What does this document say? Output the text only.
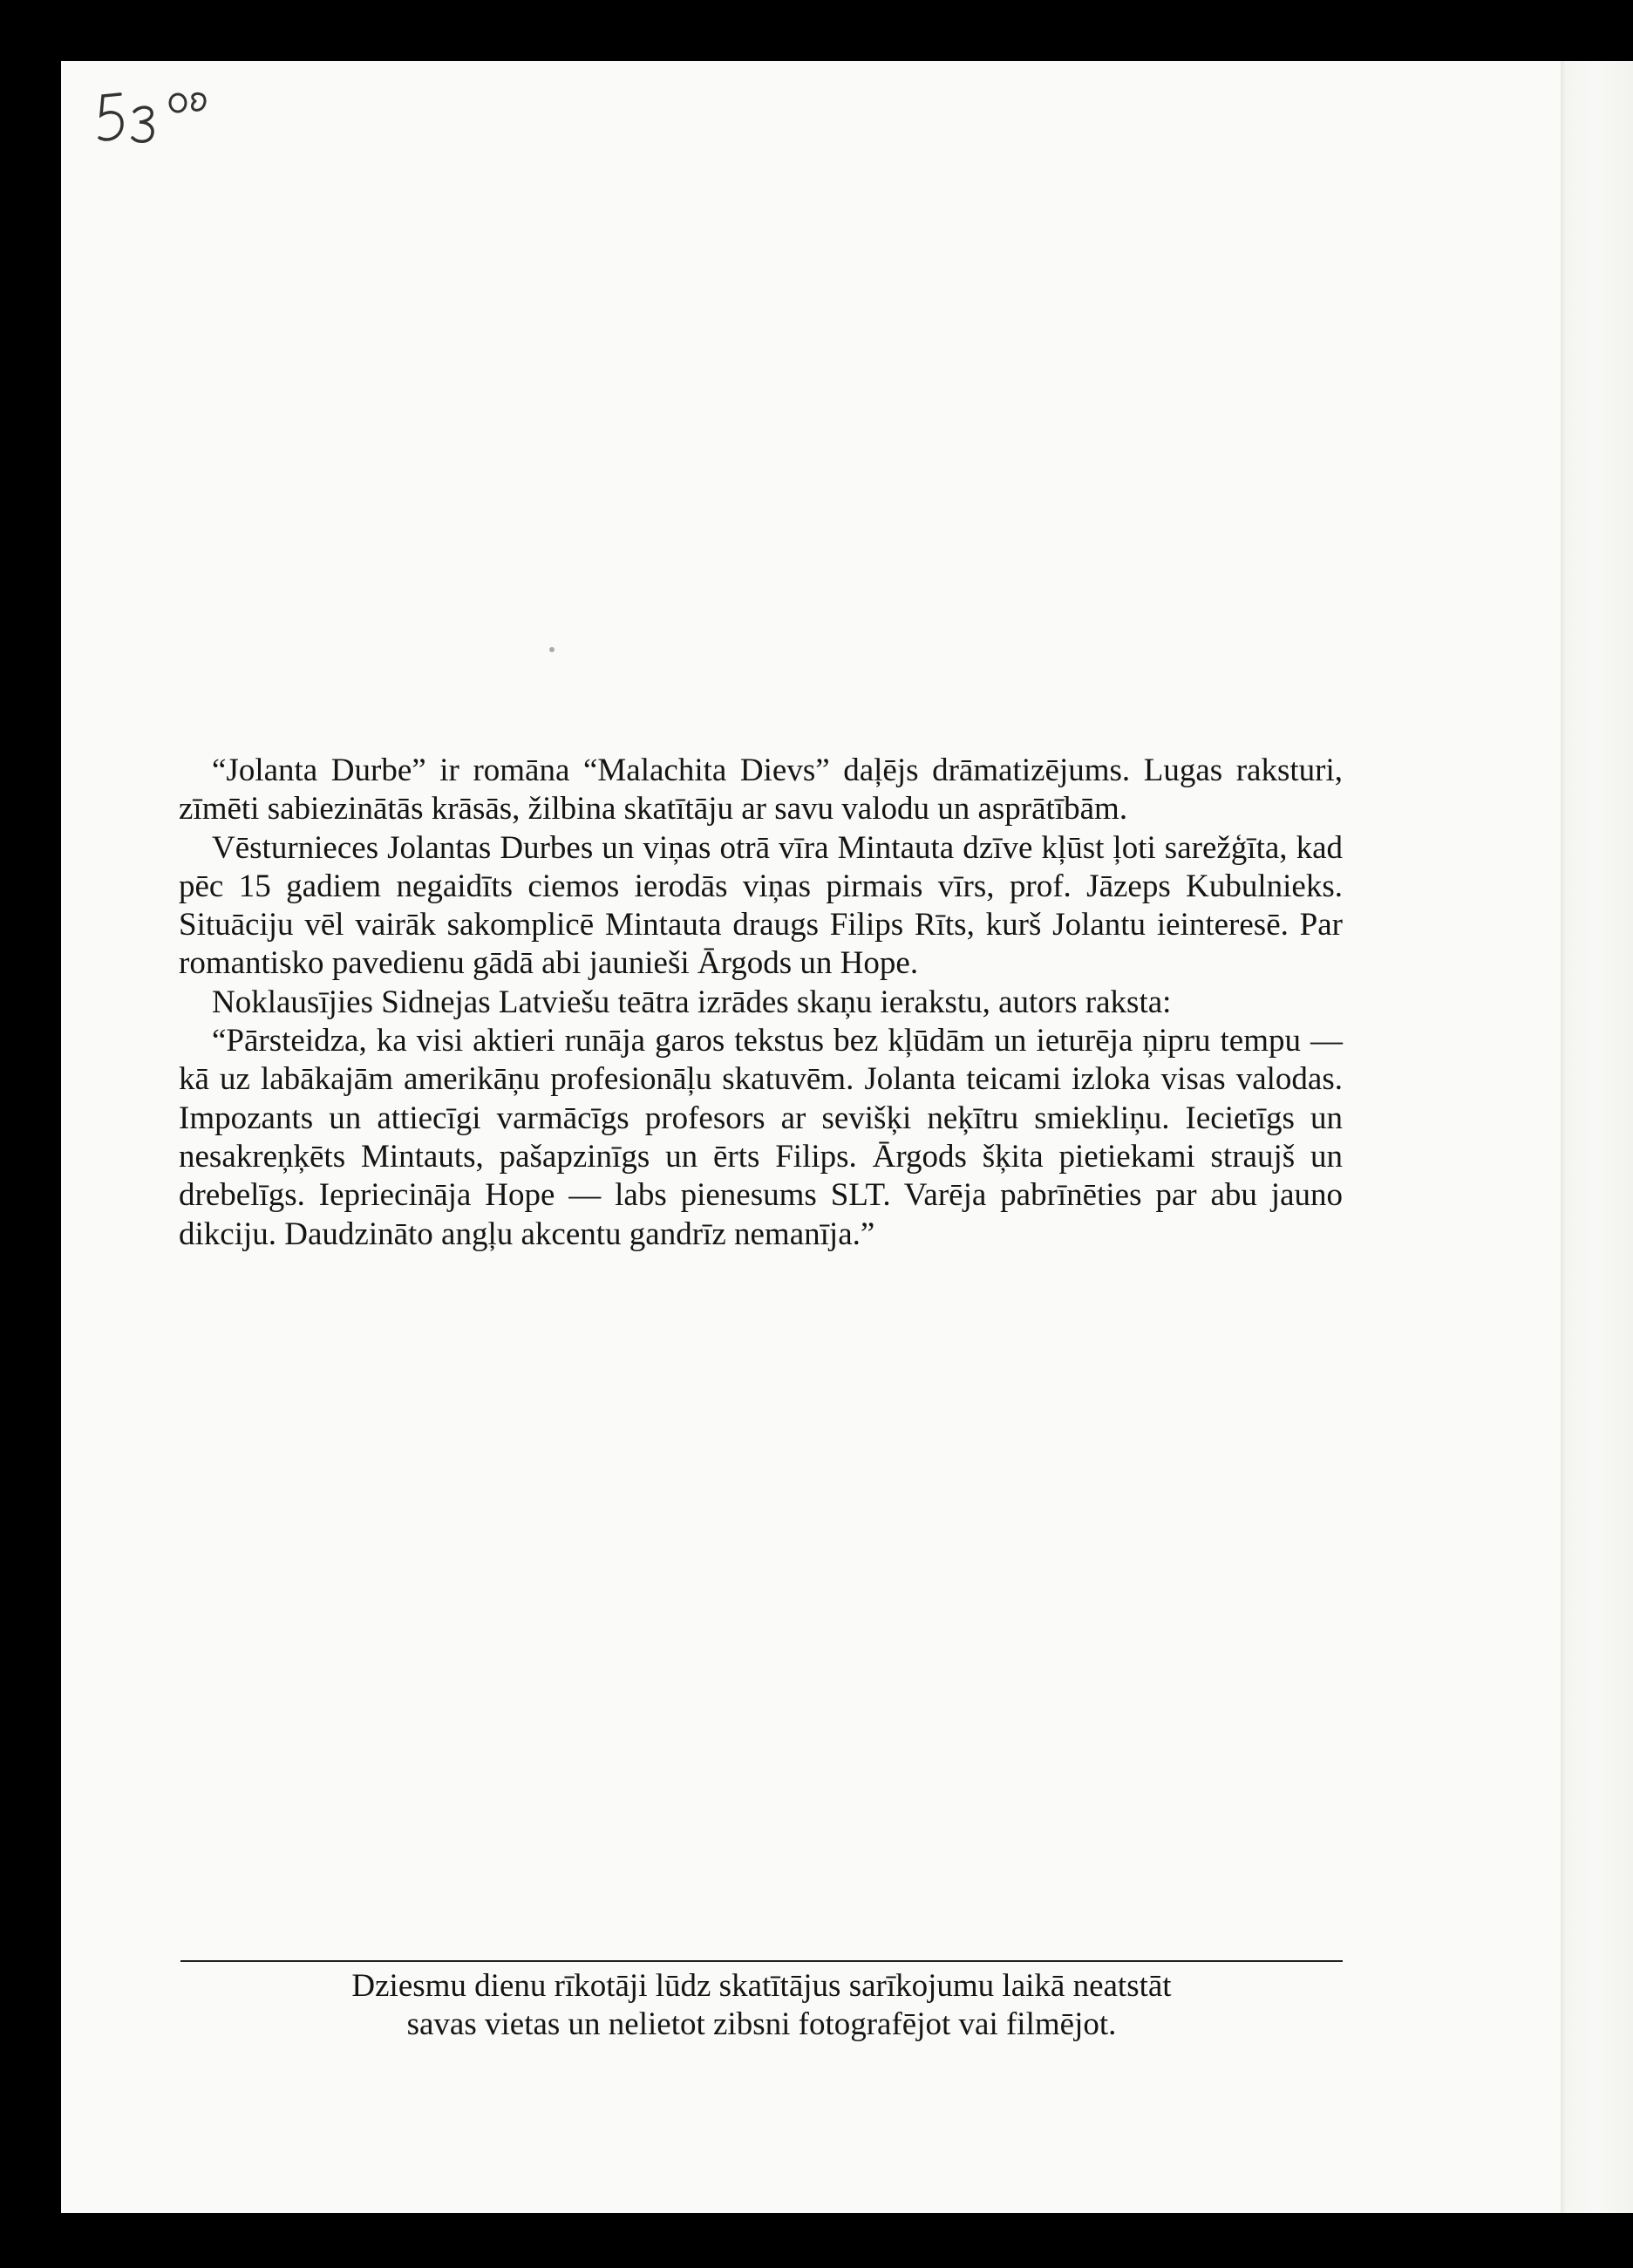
“Jolanta Durbe” ir romāna “Malachita Dievs” daļējs drāmatizējums. Lugas raksturi, zīmēti sabiezinātās krāsās, žilbina skatītāju ar savu valodu un asprātībām.

Vēsturnieces Jolantas Durbes un viņas otrā vīra Mintauta dzīve kļūst ļoti sarežģīta, kad pēc 15 gadiem negaidīts ciemos ierodās viņas pirmais vīrs, prof. Jāzeps Kubulnieks. Situāciju vēl vairāk sakomplicē Mintauta draugs Filips Rīts, kurš Jolantu ieinteresē. Par romantisko pavedienu gādā abi jaunieši Ārgods un Hope.

Noklausījies Sidnejas Latviešu teātra izrādes skaņu ierakstu, autors raksta:

“Pārsteidza, ka visi aktieri runāja garos tekstus bez kļūdām un ieturēja ņipru tempu — kā uz labākajām amerikāņu profesionāļu skatuvēm. Jolanta teicami izloka visas valodas. Impozants un attiecīgi varmācīgs profesors ar sevišķi neķītru smiekliņu. Iecietīgs un nesakreņķēts Mintauts, pašapzinīgs un ērts Filips. Ārgods šķita pietiekami straujš un drebelīgs. Iepriecināja Hope — labs pienesums SLT. Varēja pabrīnēties par abu jauno dikciju. Daudzināto angļu akcentu gandrīz nemanīja.”

Dziesmu dienu rīkotāji lūdz skatītājus sarīkojumu laikā neatstāt
savas vietas un nelietot zibsni fotografējot vai filmējot.
